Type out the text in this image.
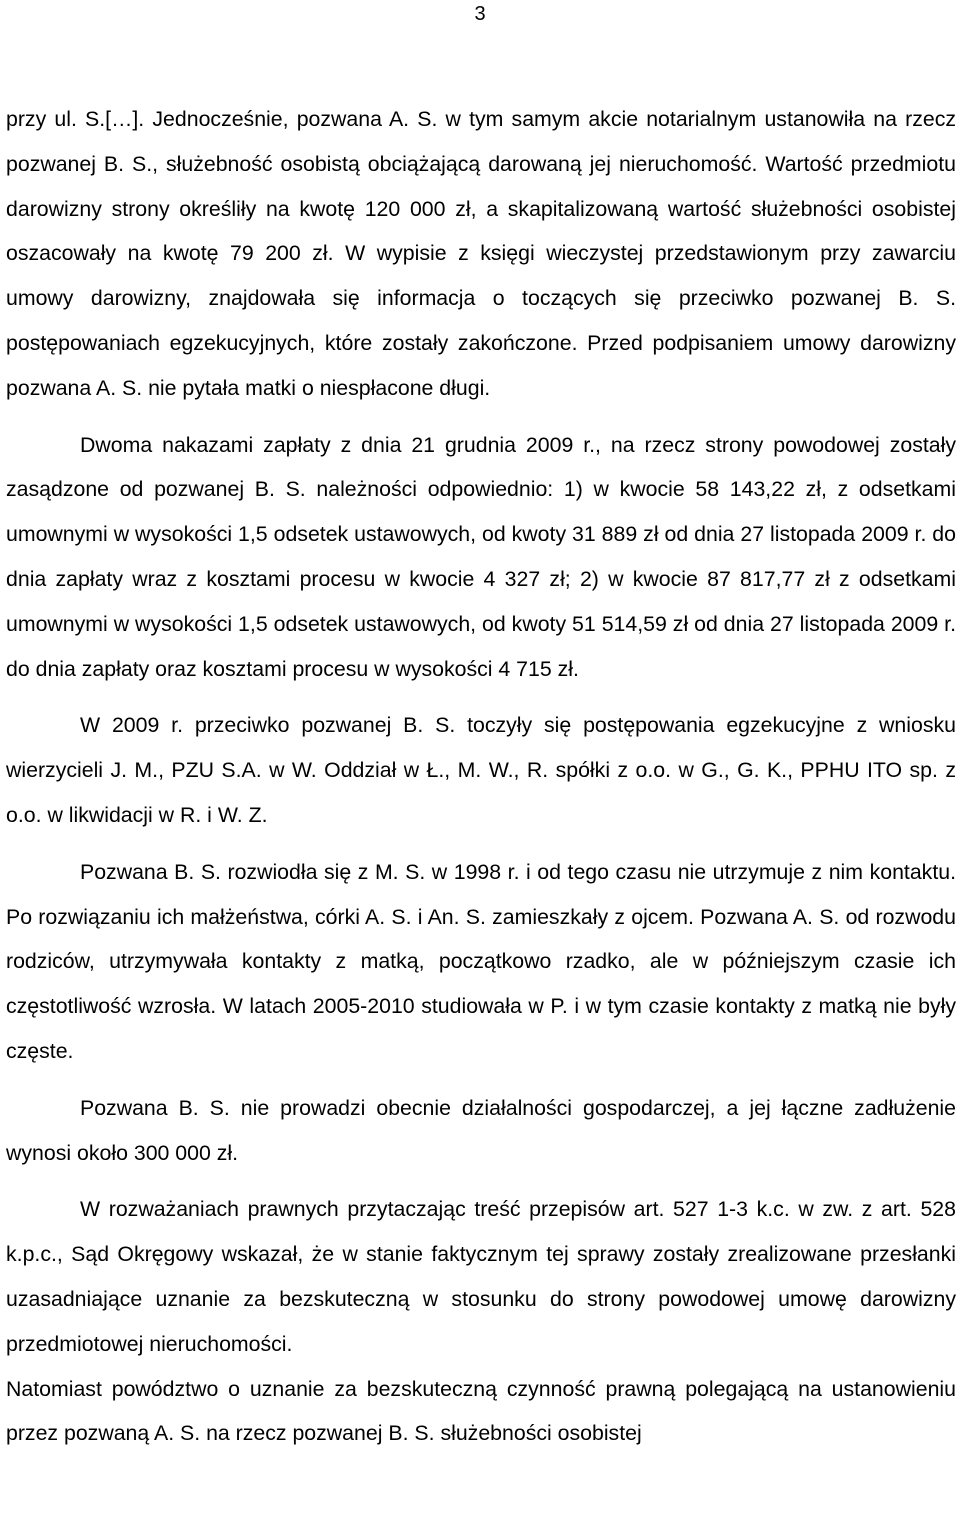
3

przy ul. S.[…]. Jednocześnie, pozwana A. S. w tym samym akcie notarialnym ustanowiła na rzecz pozwanej B. S., służebność osobistą obciążającą darowaną jej nieruchomość. Wartość przedmiotu darowizny strony określiły na kwotę 120 000 zł, a skapitalizowaną wartość służebności osobistej oszacowały na kwotę 79 200 zł. W wypisie z księgi wieczystej przedstawionym przy zawarciu umowy darowizny, znajdowała się informacja o toczących się przeciwko pozwanej B. S. postępowaniach egzekucyjnych, które zostały zakończone. Przed podpisaniem umowy darowizny pozwana A. S. nie pytała matki o niespłacone długi.

Dwoma nakazami zapłaty z dnia 21 grudnia 2009 r., na rzecz strony powodowej zostały zasądzone od pozwanej B. S. należności odpowiednio: 1) w kwocie 58 143,22 zł, z odsetkami umownymi w wysokości 1,5 odsetek ustawowych, od kwoty 31 889 zł od dnia 27 listopada 2009 r. do dnia zapłaty wraz z kosztami procesu w kwocie 4 327 zł; 2) w kwocie 87 817,77 zł z odsetkami umownymi w wysokości 1,5 odsetek ustawowych, od kwoty 51 514,59 zł od dnia 27 listopada 2009 r. do dnia zapłaty oraz kosztami procesu w wysokości 4 715 zł.

W 2009 r. przeciwko pozwanej B. S. toczyły się postępowania egzekucyjne z wniosku wierzycieli J. M., PZU S.A. w W. Oddział w Ł., M. W., R. spółki z o.o. w G., G. K., PPHU ITO sp. z o.o. w likwidacji w R. i W. Z.

Pozwana B. S. rozwiodła się z M. S. w 1998 r. i od tego czasu nie utrzymuje z nim kontaktu. Po rozwiązaniu ich małżeństwa, córki A. S. i An. S. zamieszkały z ojcem. Pozwana A. S. od rozwodu rodziców, utrzymywała kontakty z matką, początkowo rzadko, ale w późniejszym czasie ich częstotliwość wzrosła. W latach 2005-2010 studiowała w P. i w tym czasie kontakty z matką nie były częste.

Pozwana B. S. nie prowadzi obecnie działalności gospodarczej, a jej łączne zadłużenie wynosi około 300 000 zł.

W rozważaniach prawnych przytaczając treść przepisów art. 527 1-3 k.c. w zw. z art. 528 k.p.c., Sąd Okręgowy wskazał, że w stanie faktycznym tej sprawy zostały zrealizowane przesłanki uzasadniające uznanie za bezskuteczną w stosunku do strony powodowej umowę darowizny przedmiotowej nieruchomości.

Natomiast powództwo o uznanie za bezskuteczną czynność prawną polegającą na ustanowieniu przez pozwaną A. S. na rzecz pozwanej B. S. służebności osobistej
